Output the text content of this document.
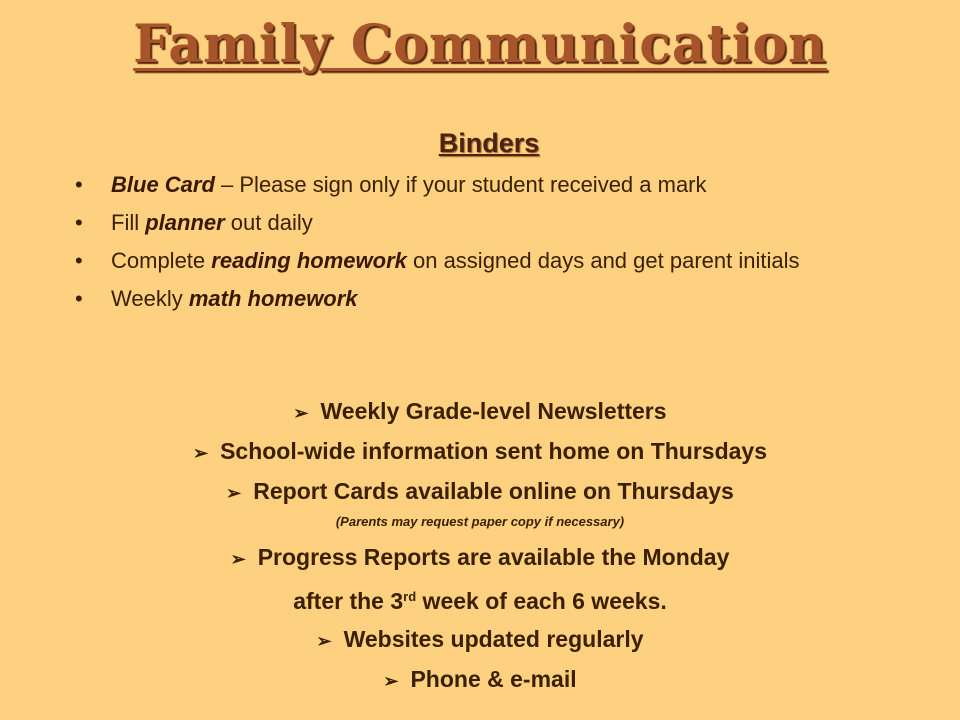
Family Communication
Binders
• Blue Card – Please sign only if your student received a mark
• Fill planner out daily
• Complete reading homework on assigned days and get parent initials
• Weekly math homework
➢ Weekly Grade-level Newsletters
➢ School-wide information sent home on Thursdays
➢ Report Cards available online on Thursdays
(Parents may request paper copy if necessary)
➢ Progress Reports are available the Monday
after the 3rd week of each 6 weeks.
➢ Websites updated regularly
➢ Phone & e-mail
